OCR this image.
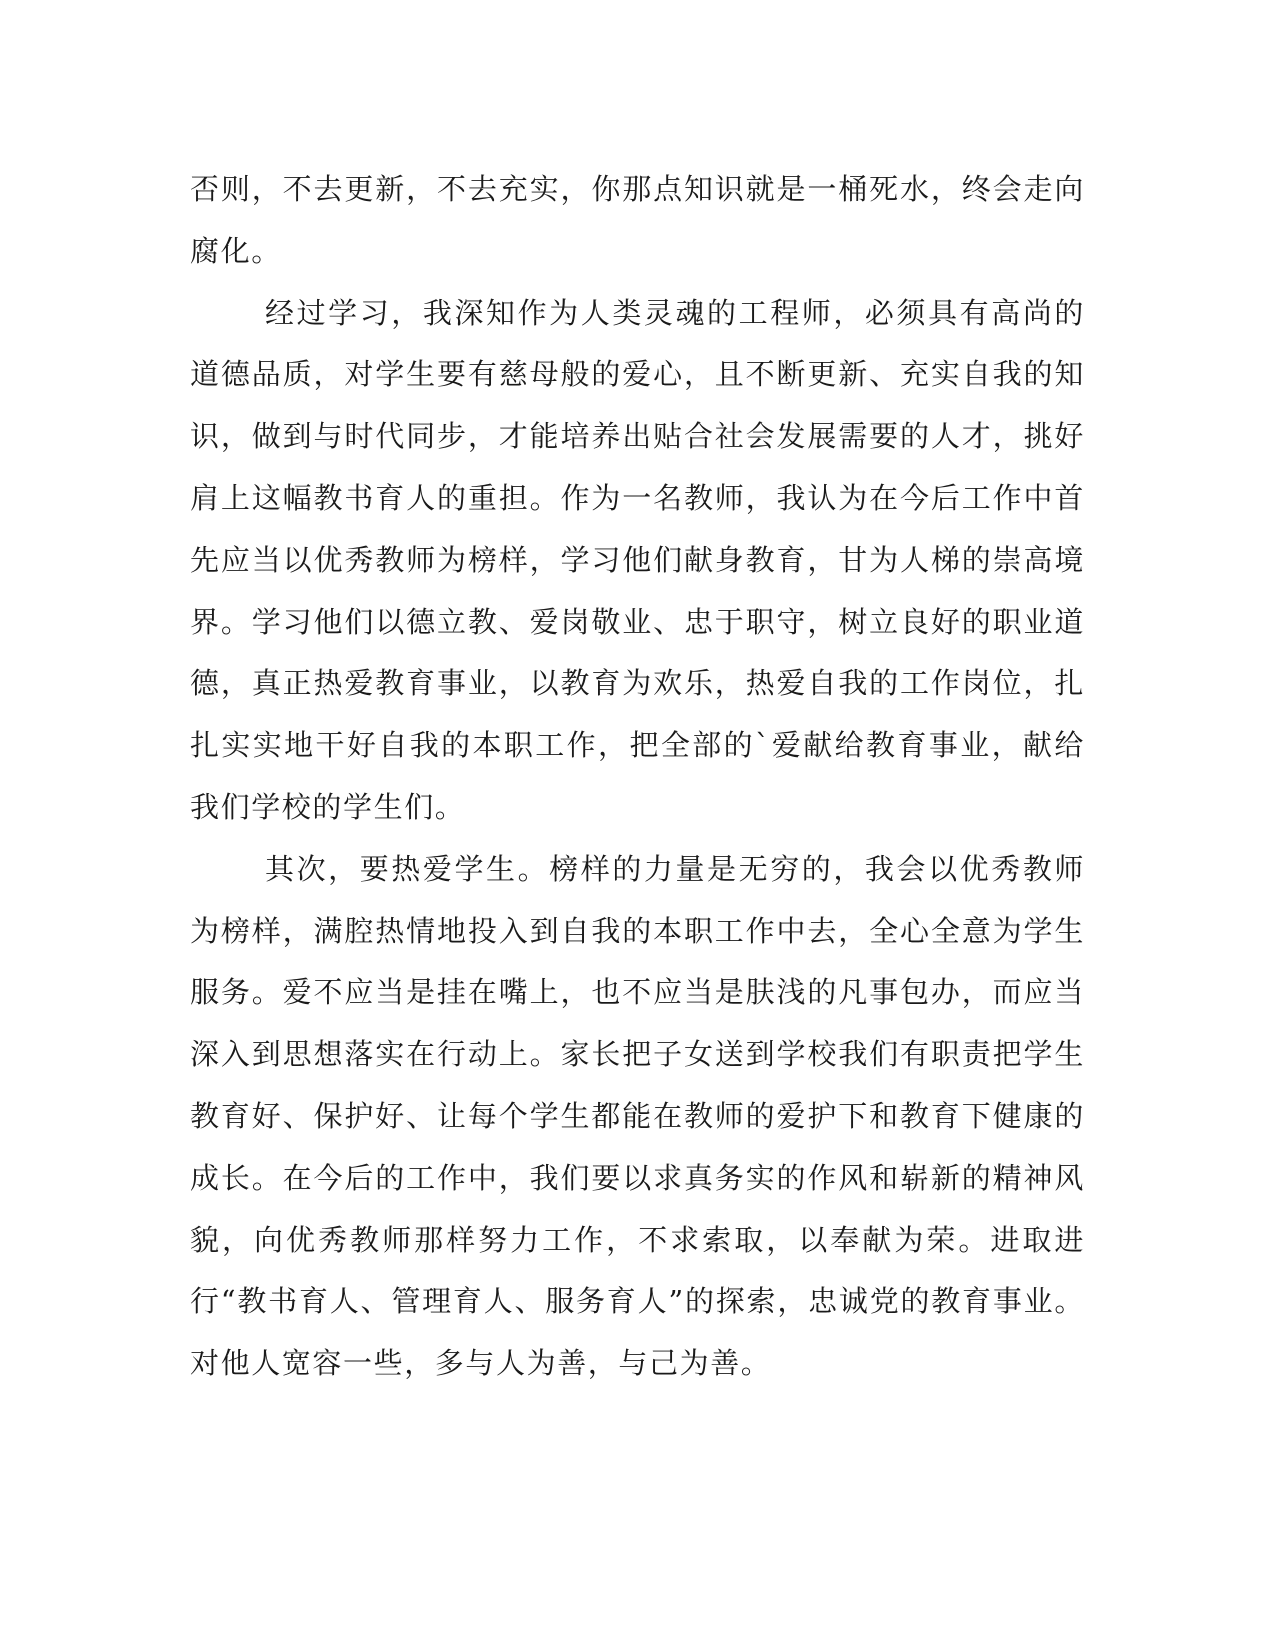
否则，不去更新，不去充实，你那点知识就是一桶死水，终会走向腐化。

经过学习，我深知作为人类灵魂的工程师，必须具有高尚的道德品质，对学生要有慈母般的爱心，且不断更新、充实自我的知识，做到与时代同步，才能培养出贴合社会发展需要的人才，挑好肩上这幅教书育人的重担。作为一名教师，我认为在今后工作中首先应当以优秀教师为榜样，学习他们献身教育，甘为人梯的崇高境界。学习他们以德立教、爱岗敬业、忠于职守，树立良好的职业道德，真正热爱教育事业，以教育为欢乐，热爱自我的工作岗位，扎扎实实地干好自我的本职工作，把全部的`爱献给教育事业，献给我们学校的学生们。

其次，要热爱学生。榜样的力量是无穷的，我会以优秀教师为榜样，满腔热情地投入到自我的本职工作中去，全心全意为学生服务。爱不应当是挂在嘴上，也不应当是肤浅的凡事包办，而应当深入到思想落实在行动上。家长把子女送到学校我们有职责把学生教育好、保护好、让每个学生都能在教师的爱护下和教育下健康的成长。在今后的工作中，我们要以求真务实的作风和崭新的精神风貌，向优秀教师那样努力工作，不求索取，以奉献为荣。进取进行“教书育人、管理育人、服务育人”的探索，忠诚党的教育事业。对他人宽容一些，多与人为善，与己为善。
